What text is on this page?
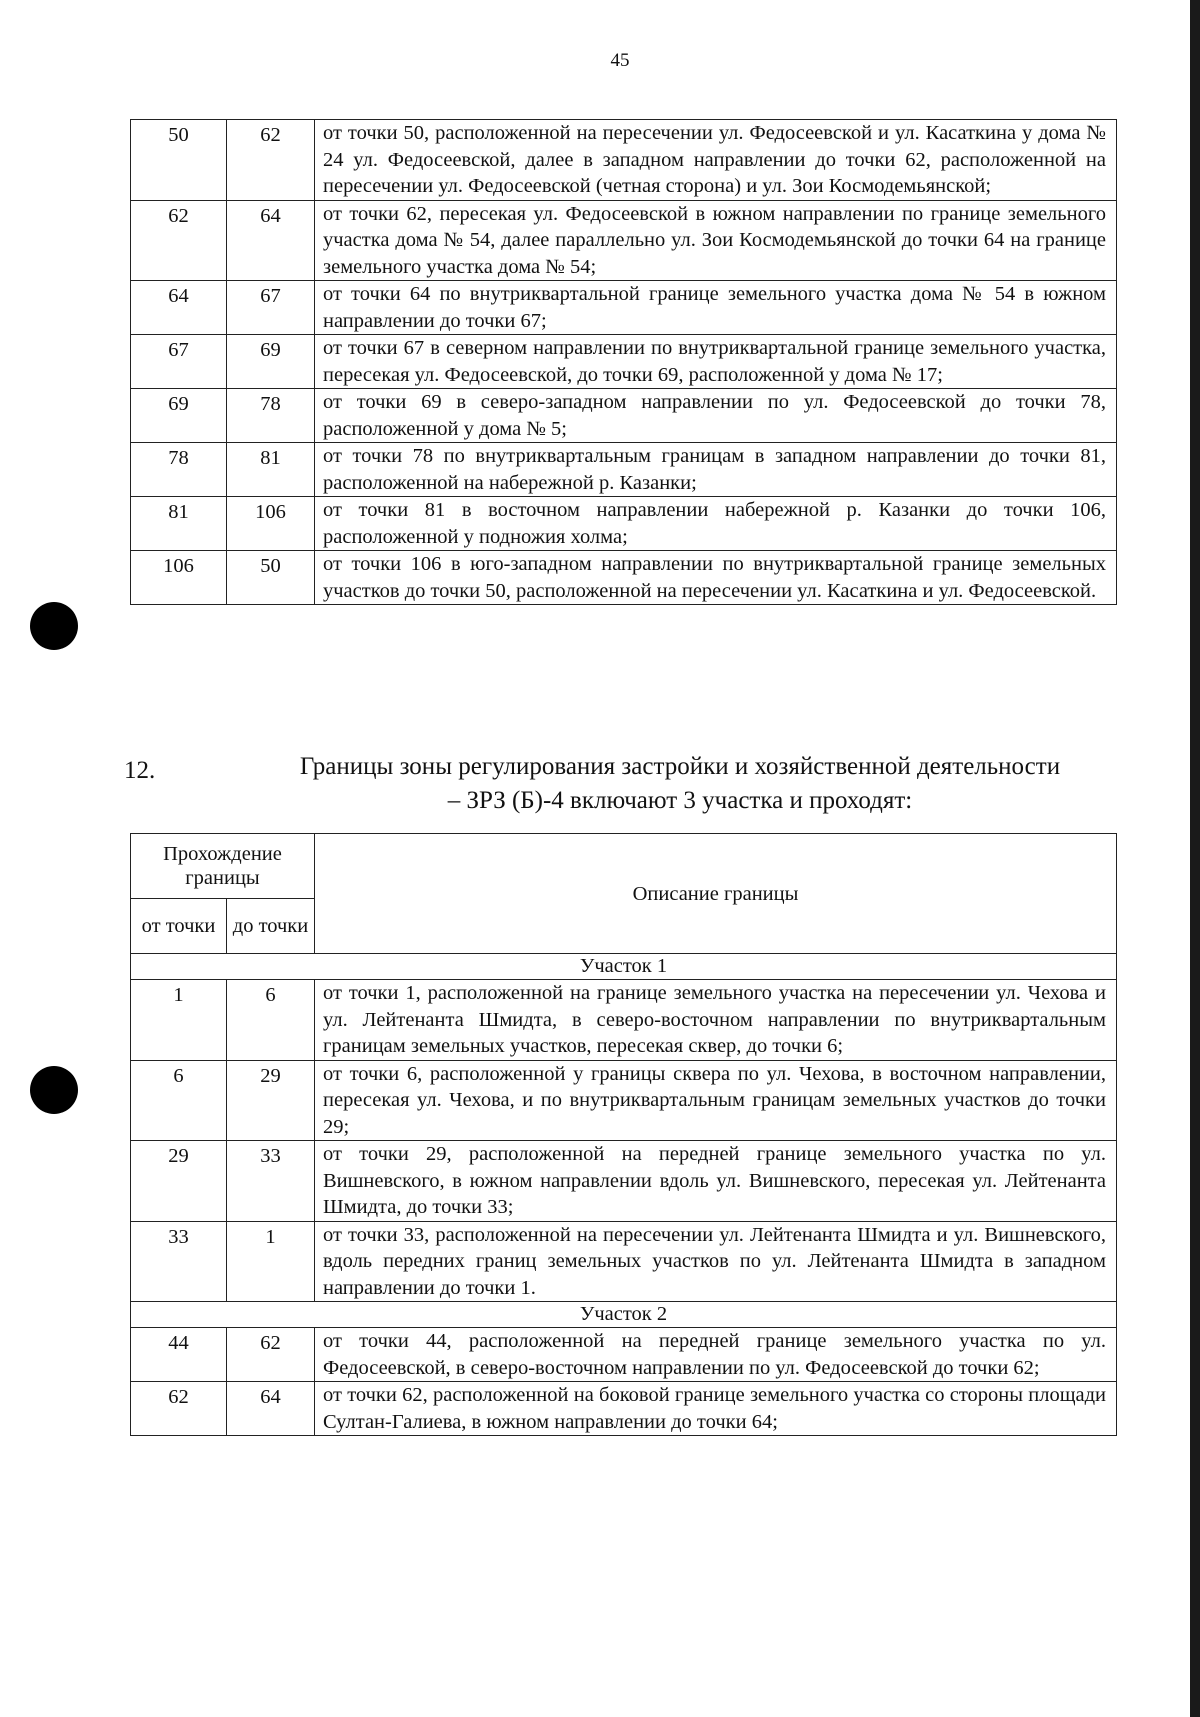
45
50	62	от точки 50, расположенной на пересечении ул. Федосеевской и ул. Касаткина у дома № 24 ул. Федосеевской, далее в западном направлении до точки 62, расположенной на пересечении ул. Федосеевской (четная сторона) и ул. Зои Космодемьянской;
62	64	от точки 62, пересекая ул. Федосеевской в южном направлении по границе земельного участка дома № 54, далее параллельно ул. Зои Космодемьянской до точки 64 на границе земельного участка дома № 54;
64	67	от точки 64 по внутриквартальной границе земельного участка дома № 54 в южном направлении до точки 67;
67	69	от точки 67 в северном направлении по внутриквартальной границе земельного участка, пересекая ул. Федосеевской, до точки 69, расположенной у дома № 17;
69	78	от точки 69 в северо-западном направлении по ул. Федосеевской до точки 78, расположенной у дома № 5;
78	81	от точки 78 по внутриквартальным границам в западном направлении до точки 81, расположенной на набережной р. Казанки;
81	106	от точки 81 в восточном направлении набережной р. Казанки до точки 106, расположенной у подножия холма;
106	50	от точки 106 в юго-западном направлении по внутриквартальной границе земельных участков до точки 50, расположенной на пересечении ул. Касаткина и ул. Федосеевской.
12.	Границы зоны регулирования застройки и хозяйственной деятельности
– ЗРЗ (Б)-4 включают 3 участка и проходят:
Прохождение границы		Описание границы
от точки	до точки	
Участок 1		
1	6	от точки 1, расположенной на границе земельного участка на пересечении ул. Чехова и ул. Лейтенанта Шмидта, в северо-восточном направлении по внутриквартальным границам земельных участков, пересекая сквер, до точки 6;
6	29	от точки 6, расположенной у границы сквера по ул. Чехова, в восточном направлении, пересекая ул. Чехова, и по внутриквартальным границам земельных участков до точки 29;
29	33	от точки 29, расположенной на передней границе земельного участка по ул. Вишневского, в южном направлении вдоль ул. Вишневского, пересекая ул. Лейтенанта Шмидта, до точки 33;
33	1	от точки 33, расположенной на пересечении ул. Лейтенанта Шмидта и ул. Вишневского, вдоль передних границ земельных участков по ул. Лейтенанта Шмидта в западном направлении до точки 1.
Участок 2		
44	62	от точки 44, расположенной на передней границе земельного участка по ул. Федосеевской, в северо-восточном направлении по ул. Федосеевской до точки 62;
62	64	от точки 62, расположенной на боковой границе земельного участка со стороны площади Султан-Галиева, в южном направлении до точки 64;
